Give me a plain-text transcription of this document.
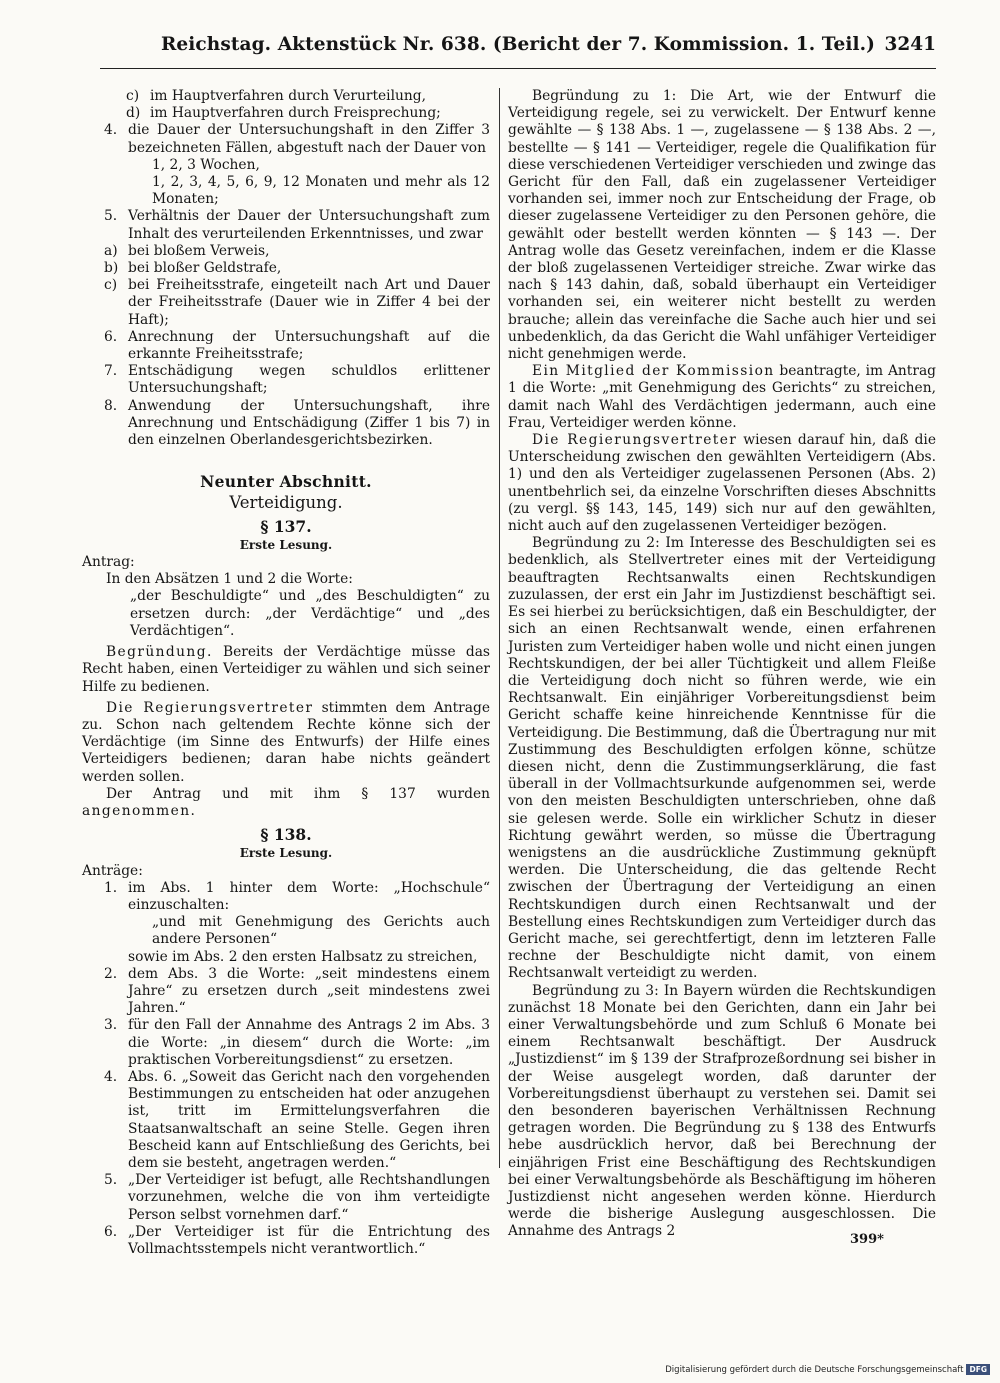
Reichstag. Aktenstück Nr. 638. (Bericht der 7. Kommission. 1. Teil.) 3241

c) im Hauptverfahren durch Verurteilung,

d) im Hauptverfahren durch Freisprechung;

4. die Dauer der Untersuchungshaft in den Ziffer 3 bezeichneten Fällen, abgestuft nach der Dauer von

1, 2, 3 Wochen,

1, 2, 3, 4, 5, 6, 9, 12 Monaten und mehr als 12 Monaten;

5. Verhältnis der Dauer der Untersuchungshaft zum Inhalt des verurteilenden Erkenntnisses, und zwar

a) bei bloßem Verweis,

b) bei bloßer Geldstrafe,

c) bei Freiheitsstrafe, eingeteilt nach Art und Dauer der Freiheitsstrafe (Dauer wie in Ziffer 4 bei der Haft);

6. Anrechnung der Untersuchungshaft auf die erkannte Freiheitsstrafe;

7. Entschädigung wegen schuldlos erlittener Untersuchungshaft;

8. Anwendung der Untersuchungshaft, ihre Anrechnung und Entschädigung (Ziffer 1 bis 7) in den einzelnen Oberlandesgerichtsbezirken.

Neunter Abschnitt.

Verteidigung.

§ 137.

Erste Lesung.

Antrag:

In den Absätzen 1 und 2 die Worte:

„der Beschuldigte“ und „des Beschuldigten“ zu ersetzen durch: „der Verdächtige“ und „des Verdächtigen“.

Begründung. Bereits der Verdächtige müsse das Recht haben, einen Verteidiger zu wählen und sich seiner Hilfe zu bedienen.

Die Regierungsvertreter stimmten dem Antrage zu. Schon nach geltendem Rechte könne sich der Verdächtige (im Sinne des Entwurfs) der Hilfe eines Verteidigers bedienen; daran habe nichts geändert werden sollen.

Der Antrag und mit ihm § 137 wurden angenommen.

§ 138.

Erste Lesung.

Anträge:

1. im Abs. 1 hinter dem Worte: „Hochschule“ einzuschalten:

„und mit Genehmigung des Gerichts auch andere Personen“

sowie im Abs. 2 den ersten Halbsatz zu streichen,

2. dem Abs. 3 die Worte: „seit mindestens einem Jahre“ zu ersetzen durch „seit mindestens zwei Jahren.“

3. für den Fall der Annahme des Antrags 2 im Abs. 3 die Worte: „in diesem“ durch die Worte: „im praktischen Vorbereitungsdienst“ zu ersetzen.

4. Abs. 6. „Soweit das Gericht nach den vorgehenden Bestimmungen zu entscheiden hat oder anzugehen ist, tritt im Ermittelungsverfahren die Staatsanwaltschaft an seine Stelle. Gegen ihren Bescheid kann auf Entschließung des Gerichts, bei dem sie besteht, angetragen werden.“

5. „Der Verteidiger ist befugt, alle Rechtshandlungen vorzunehmen, welche die von ihm verteidigte Person selbst vornehmen darf.“

6. „Der Verteidiger ist für die Entrichtung des Vollmachtsstempels nicht verantwortlich.“

Begründung zu 1: Die Art, wie der Entwurf die Verteidigung regele, sei zu verwickelt. Der Entwurf kenne gewählte — § 138 Abs. 1 —, zugelassene — § 138 Abs. 2 —, bestellte — § 141 — Verteidiger, regele die Qualifikation für diese verschiedenen Verteidiger verschieden und zwinge das Gericht für den Fall, daß ein zugelassener Verteidiger vorhanden sei, immer noch zur Entscheidung der Frage, ob dieser zugelassene Verteidiger zu den Personen gehöre, die gewählt oder bestellt werden könnten — § 143 —. Der Antrag wolle das Gesetz vereinfachen, indem er die Klasse der bloß zugelassenen Verteidiger streiche. Zwar wirke das nach § 143 dahin, daß, sobald überhaupt ein Verteidiger vorhanden sei, ein weiterer nicht bestellt zu werden brauche; allein das vereinfache die Sache auch hier und sei unbedenklich, da das Gericht die Wahl unfähiger Verteidiger nicht genehmigen werde.

Ein Mitglied der Kommission beantragte, im Antrag 1 die Worte: „mit Genehmigung des Gerichts“ zu streichen, damit nach Wahl des Verdächtigen jedermann, auch eine Frau, Verteidiger werden könne.

Die Regierungsvertreter wiesen darauf hin, daß die Unterscheidung zwischen den gewählten Verteidigern (Abs. 1) und den als Verteidiger zugelassenen Personen (Abs. 2) unentbehrlich sei, da einzelne Vorschriften dieses Abschnitts (zu vergl. §§ 143, 145, 149) sich nur auf den gewählten, nicht auch auf den zugelassenen Verteidiger bezögen.

Begründung zu 2: Im Interesse des Beschuldigten sei es bedenklich, als Stellvertreter eines mit der Verteidigung beauftragten Rechtsanwalts einen Rechtskundigen zuzulassen, der erst ein Jahr im Justizdienst beschäftigt sei. Es sei hierbei zu berücksichtigen, daß ein Beschuldigter, der sich an einen Rechtsanwalt wende, einen erfahrenen Juristen zum Verteidiger haben wolle und nicht einen jungen Rechtskundigen, der bei aller Tüchtigkeit und allem Fleiße die Verteidigung doch nicht so führen werde, wie ein Rechtsanwalt. Ein einjähriger Vorbereitungsdienst beim Gericht schaffe keine hinreichende Kenntnisse für die Verteidigung. Die Bestimmung, daß die Übertragung nur mit Zustimmung des Beschuldigten erfolgen könne, schütze diesen nicht, denn die Zustimmungserklärung, die fast überall in der Vollmachtsurkunde aufgenommen sei, werde von den meisten Beschuldigten unterschrieben, ohne daß sie gelesen werde. Solle ein wirklicher Schutz in dieser Richtung gewährt werden, so müsse die Übertragung wenigstens an die ausdrückliche Zustimmung geknüpft werden. Die Unterscheidung, die das geltende Recht zwischen der Übertragung der Verteidigung an einen Rechtskundigen durch einen Rechtsanwalt und der Bestellung eines Rechtskundigen zum Verteidiger durch das Gericht mache, sei gerechtfertigt, denn im letzteren Falle rechne der Beschuldigte nicht damit, von einem Rechtsanwalt verteidigt zu werden.

Begründung zu 3: In Bayern würden die Rechtskundigen zunächst 18 Monate bei den Gerichten, dann ein Jahr bei einer Verwaltungsbehörde und zum Schluß 6 Monate bei einem Rechtsanwalt beschäftigt. Der Ausdruck „Justizdienst“ im § 139 der Strafprozeßordnung sei bisher in der Weise ausgelegt worden, daß darunter der Vorbereitungsdienst überhaupt zu verstehen sei. Damit sei den besonderen bayerischen Verhältnissen Rechnung getragen worden. Die Begründung zu § 138 des Entwurfs hebe ausdrücklich hervor, daß bei Berechnung der einjährigen Frist eine Beschäftigung des Rechtskundigen bei einer Verwaltungsbehörde als Beschäftigung im höheren Justizdienst nicht angesehen werden könne. Hierdurch werde die bisherige Auslegung ausgeschlossen. Die Annahme des Antrags 2

399*
Digitalisierung gefördert durch die Deutsche Forschungsgemeinschaft DFG
